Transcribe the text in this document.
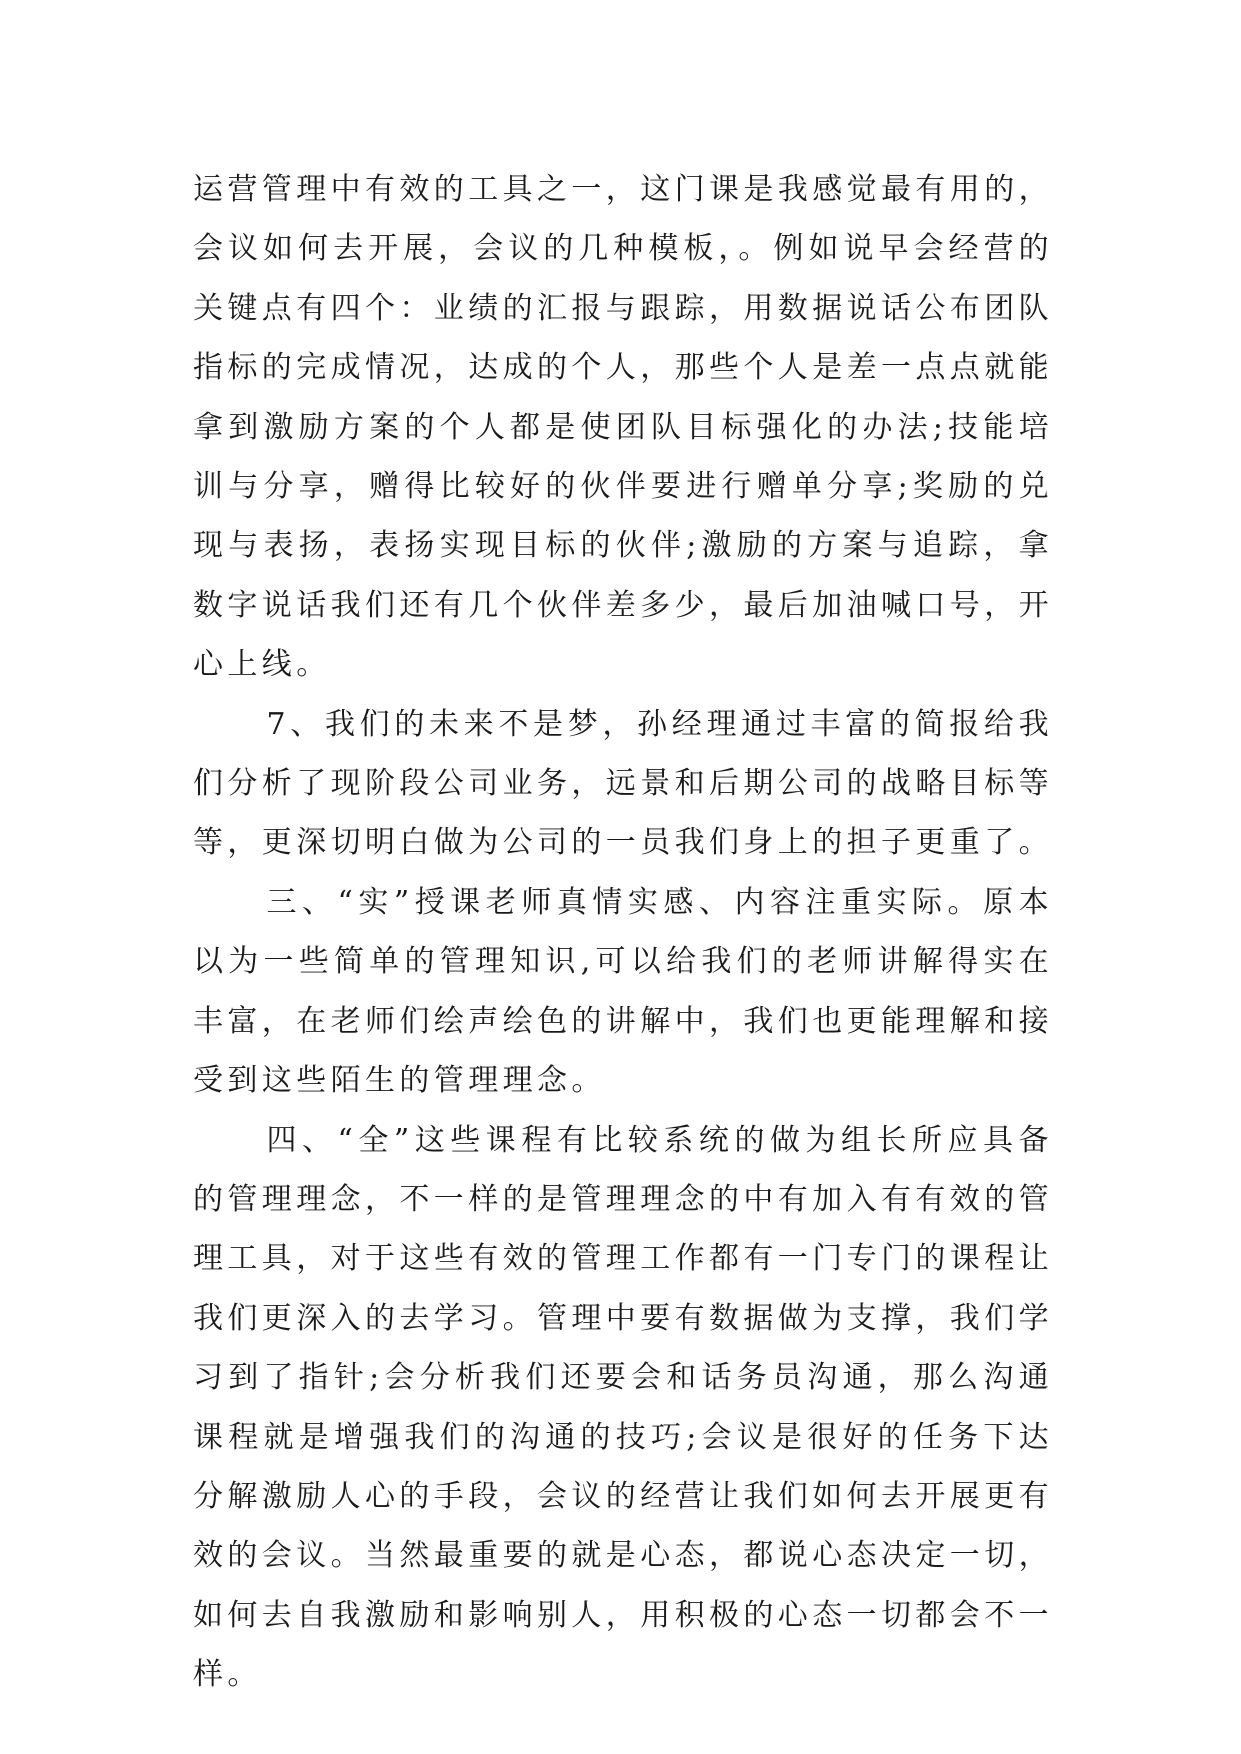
运营管理中有效的工具之一，这门课是我感觉最有用的，会议如何去开展，会议的几种模板，。例如说早会经营的关键点有四个：业绩的汇报与跟踪，用数据说话公布团队指标的完成情况，达成的个人，那些个人是差一点点就能拿到激励方案的个人都是使团队目标强化的办法;技能培训与分享，赠得比较好的伙伴要进行赠单分享;奖励的兑现与表扬，表扬实现目标的伙伴;激励的方案与追踪，拿数字说话我们还有几个伙伴差多少，最后加油喊口号，开心上线。

7、我们的未来不是梦，孙经理通过丰富的简报给我们分析了现阶段公司业务，远景和后期公司的战略目标等等，更深切明白做为公司的一员我们身上的担子更重了。

三、“实”授课老师真情实感、内容注重实际。原本以为一些简单的管理知识,可以给我们的老师讲解得实在丰富，在老师们绘声绘色的讲解中，我们也更能理解和接受到这些陌生的管理理念。

四、“全”这些课程有比较系统的做为组长所应具备的管理理念，不一样的是管理理念的中有加入有有效的管理工具，对于这些有效的管理工作都有一门专门的课程让我们更深入的去学习。管理中要有数据做为支撑，我们学习到了指针;会分析我们还要会和话务员沟通，那么沟通课程就是增强我们的沟通的技巧;会议是很好的任务下达分解激励人心的手段，会议的经营让我们如何去开展更有效的会议。当然最重要的就是心态，都说心态决定一切，如何去自我激励和影响别人，用积极的心态一切都会不一样。
